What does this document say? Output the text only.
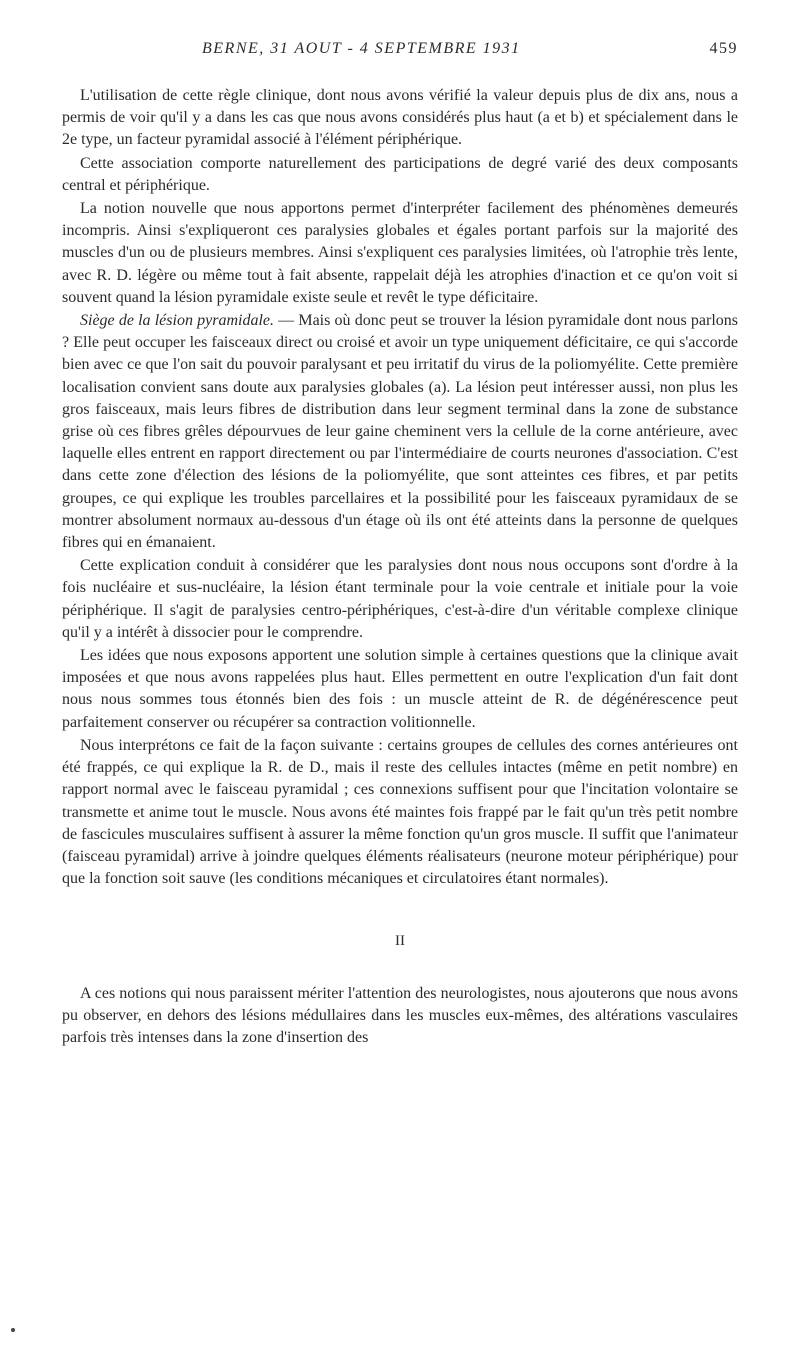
BERNE, 31 AOUT - 4 SEPTEMBRE 1931	459

L'utilisation de cette règle clinique, dont nous avons vérifié la valeur depuis plus de dix ans, nous a permis de voir qu'il y a dans les cas que nous avons considérés plus haut (a et b) et spécialement dans le 2e type, un facteur pyramidal associé à l'élément périphérique.

Cette association comporte naturellement des participations de degré varié des deux composants central et périphérique.

La notion nouvelle que nous apportons permet d'interpréter facilement des phénomènes demeurés incompris. Ainsi s'expliqueront ces paralysies globales et égales portant parfois sur la majorité des muscles d'un ou de plusieurs membres. Ainsi s'expliquent ces paralysies limitées, où l'atrophie très lente, avec R. D. légère ou même tout à fait absente, rappelait déjà les atrophies d'inaction et ce qu'on voit si souvent quand la lésion pyramidale existe seule et revêt le type déficitaire.

Siège de la lésion pyramidale. — Mais où donc peut se trouver la lésion pyramidale dont nous parlons ? Elle peut occuper les faisceaux direct ou croisé et avoir un type uniquement déficitaire, ce qui s'accorde bien avec ce que l'on sait du pouvoir paralysant et peu irritatif du virus de la poliomyélite. Cette première localisation convient sans doute aux paralysies globales (a). La lésion peut intéresser aussi, non plus les gros faisceaux, mais leurs fibres de distribution dans leur segment terminal dans la zone de substance grise où ces fibres grêles dépourvues de leur gaine cheminent vers la cellule de la corne antérieure, avec laquelle elles entrent en rapport directement ou par l'intermédiaire de courts neurones d'association. C'est dans cette zone d'élection des lésions de la poliomyélite, que sont atteintes ces fibres, et par petits groupes, ce qui explique les troubles parcellaires et la possibilité pour les faisceaux pyramidaux de se montrer absolument normaux au-dessous d'un étage où ils ont été atteints dans la personne de quelques fibres qui en émanaient.

Cette explication conduit à considérer que les paralysies dont nous nous occupons sont d'ordre à la fois nucléaire et sus-nucléaire, la lésion étant terminale pour la voie centrale et initiale pour la voie périphérique. Il s'agit de paralysies centro-périphériques, c'est-à-dire d'un véritable complexe clinique qu'il y a intérêt à dissocier pour le comprendre.

Les idées que nous exposons apportent une solution simple à certaines questions que la clinique avait imposées et que nous avons rappelées plus haut. Elles permettent en outre l'explication d'un fait dont nous nous sommes tous étonnés bien des fois : un muscle atteint de R. de dégénérescence peut parfaitement conserver ou récupérer sa contraction volitionnelle.

Nous interprétons ce fait de la façon suivante : certains groupes de cellules des cornes antérieures ont été frappés, ce qui explique la R. de D., mais il reste des cellules intactes (même en petit nombre) en rapport normal avec le faisceau pyramidal ; ces connexions suffisent pour que l'incitation volontaire se transmette et anime tout le muscle. Nous avons été maintes fois frappé par le fait qu'un très petit nombre de fascicules musculaires suffisent à assurer la même fonction qu'un gros muscle. Il suffit que l'animateur (faisceau pyramidal) arrive à joindre quelques éléments réalisateurs (neurone moteur périphérique) pour que la fonction soit sauve (les conditions mécaniques et circulatoires étant normales).

II

A ces notions qui nous paraissent mériter l'attention des neurologistes, nous ajouterons que nous avons pu observer, en dehors des lésions médullaires dans les muscles eux-mêmes, des altérations vasculaires parfois très intenses dans la zone d'insertion des
